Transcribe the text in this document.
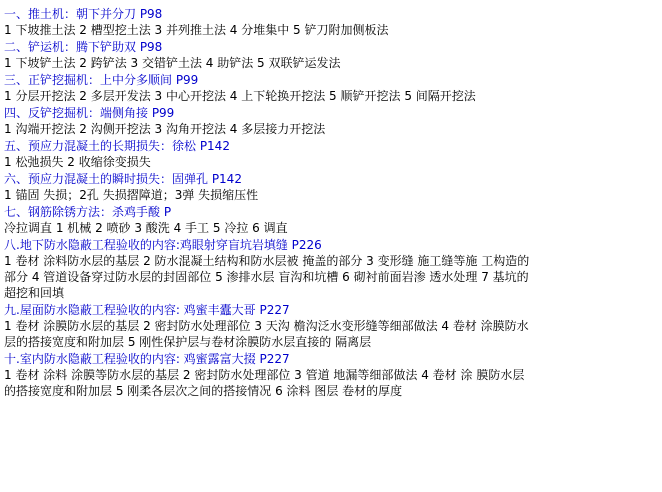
一、推土机：朝下并分刀 P98
1 下坡推土法 2 槽型挖土法 3 并列推土法 4 分堆集中 5 铲刀附加侧板法
二、铲运机：腾下铲助双 P98
1 下坡铲土法 2 跨铲法 3 交错铲土法 4 助铲法 5 双联铲运发法
三、正铲挖掘机：上中分多顺间 P99
1 分层开挖法 2 多层开发法 3 中心开挖法 4 上下轮换开挖法 5 顺铲开挖法 5 间隔开挖法
四、反铲挖掘机：端侧角接 P99
1 沟端开挖法 2 沟侧开挖法 3 沟角开挖法 4 多层接力开挖法
五、预应力混凝土的长期损失：徐松 P142
1 松弛损失 2 收缩徐变损失
六、预应力混凝土的瞬时损失：固弹孔 P142
1 锚固 失损；2孔 失损摺障道；3弹 失损缩压性
七、钢筋除锈方法：杀鸡手酸 P
冷拉调直 1 机械 2 喷砂 3 酸洗 4 手工 5 冷拉 6 调直
八.地下防水隐蔽工程验收的内容:鸡眼射穿盲坑岩填缝 P226
1 卷材 涂料防水层的基层 2 防水混凝土结构和防水层被 掩盖的部分 3 变形缝 施工缝等施 工构造的
部分 4 管道设备穿过防水层的封固部位 5 渗排水层 盲沟和坑槽 6 砌衬前面岩渗 透水处理 7 基坑的
超挖和回填
九.屋面防水隐蔽工程验收的内容: 鸡蜜丰蠹大哥 P227
1 卷材 涂膜防水层的基层 2 密封防水处理部位 3 天沟 檐沟泛水变形缝等细部做法 4 卷材 涂膜防水
层的搭接宽度和附加层 5 刚性保护层与卷材涂膜防水层直接的 隔离层
十.室内防水隐蔽工程验收的内容: 鸡蜜露富大掇 P227
1 卷材 涂料 涂膜等防水层的基层 2 密封防水处理部位 3 管道 地漏等细部做法 4 卷材 涂 膜防水层
的搭接宽度和附加层 5 刚柔各层次之间的搭接情况 6 涂料 图层 卷材的厚度
